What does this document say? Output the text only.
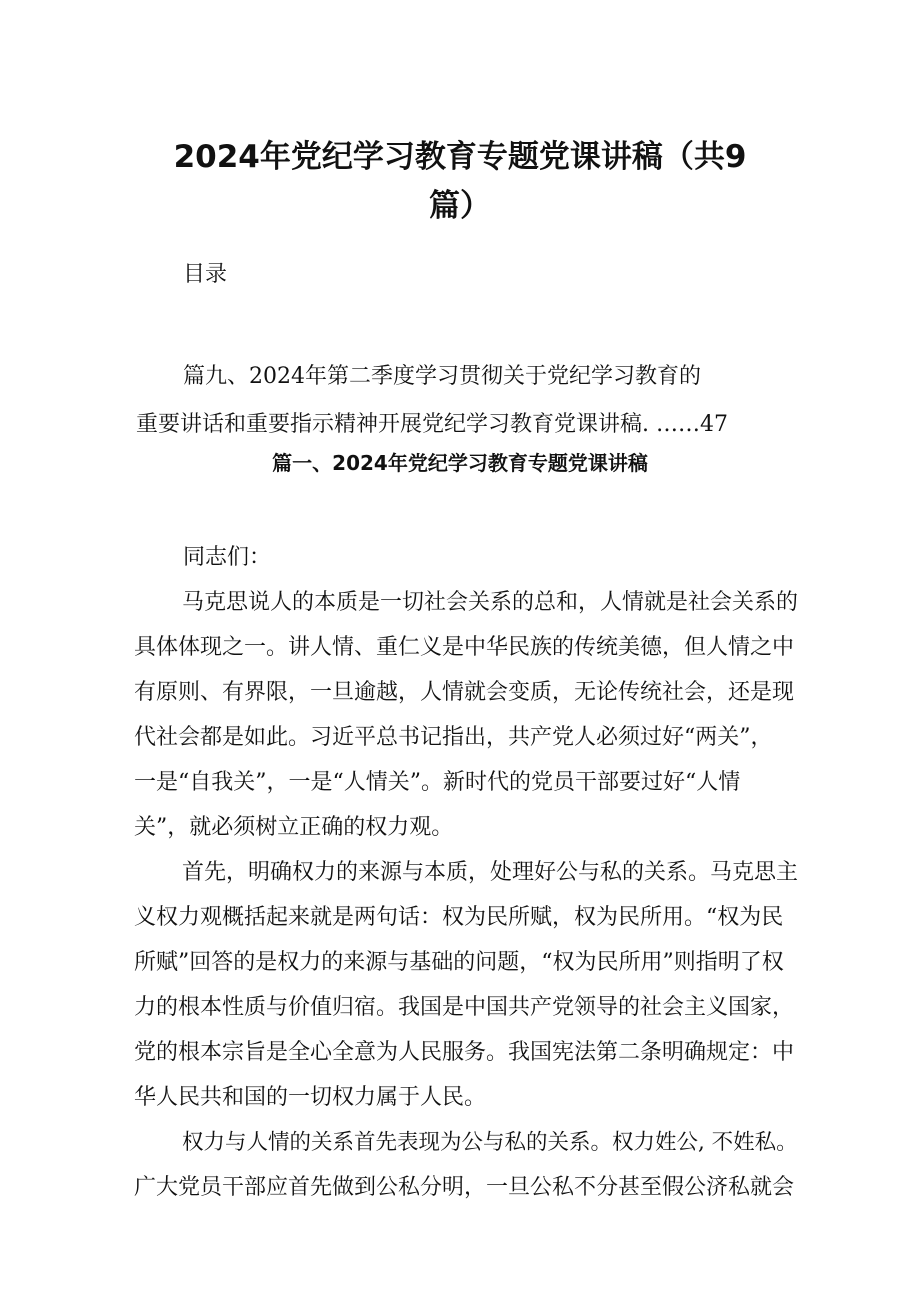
2024年党纪学习教育专题党课讲稿（共9
篇）

目录

篇九、2024年第二季度学习贯彻关于党纪学习教育的

重要讲话和重要指示精神开展党纪学习教育党课讲稿. ……47

篇一、2024年党纪学习教育专题党课讲稿

同志们：

马克思说人的本质是一切社会关系的总和，人情就是社会关系的

具体体现之一。讲人情、重仁义是中华民族的传统美德，但人情之中

有原则、有界限，一旦逾越，人情就会变质，无论传统社会，还是现

代社会都是如此。习近平总书记指出，共产党人必须过好“两关”，

一是“自我关”，一是“人情关”。新时代的党员干部要过好“人情

关”，就必须树立正确的权力观。

首先，明确权力的来源与本质，处理好公与私的关系。马克思主

义权力观概括起来就是两句话：权为民所赋，权为民所用。“权为民

所赋”回答的是权力的来源与基础的问题，“权为民所用”则指明了权

力的根本性质与价值归宿。我国是中国共产党领导的社会主义国家，

党的根本宗旨是全心全意为人民服务。我国宪法第二条明确规定：中

华人民共和国的一切权力属于人民。

权力与人情的关系首先表现为公与私的关系。权力姓公, 不姓私。

广大党员干部应首先做到公私分明，一旦公私不分甚至假公济私就会
